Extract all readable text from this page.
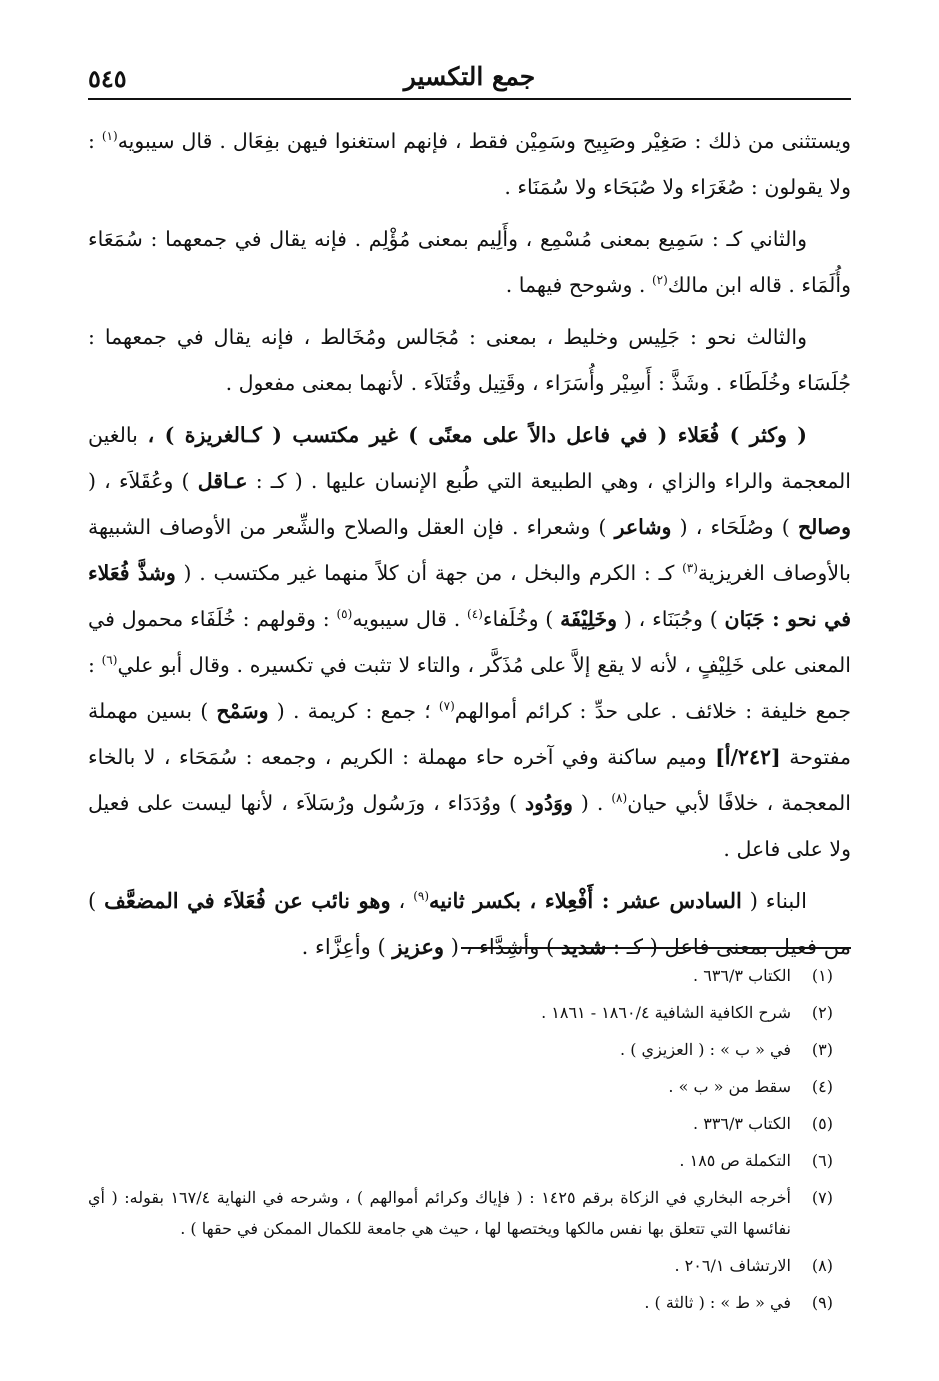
جمع التكسير
٥٤٥

ويستثنى من ذلك : صَغِيْر وصَبِيح وسَمِيْن فقط ، فإنهم استغنوا فيهن بفِعَال . قال سيبويه$^{(١)}$ : ولا يقولون : صُغَرَاء ولا صُبَحَاء ولا سُمَنَاء .

والثاني كـ : سَمِيع بمعنى مُسْمِع ، وأَلِيم بمعنى مُؤْلِم . فإنه يقال في جمعهما : سُمَعَاء وأُلَمَاء . قاله ابن مالك$^{(٢)}$ . وشوحح فيهما .

والثالث نحو : جَلِيس وخليط ، بمعنى : مُجَالس ومُخَالط ، فإنه يقال في جمعهما : جُلَسَاء وخُلَطَاء . وشَذَّ : أَسِيْر وأُسَرَاء ، وقَتِيل وقُتَلاَء . لأنهما بمعنى مفعول .

( وكثر ) فُعَلاء ( في فاعل دالاً على معنًى ) غير مكتسب ( كـالغريزة ) ، بالغين المعجمة والراء والزاي ، وهي الطبيعة التي طُبع الإنسان عليها . ( كـ : عـاقل ) وعُقَلاَء ، ( وصالح ) وصُلَحَاء ، ( وشاعر ) وشعراء . فإن العقل والصلاح والشِّعر من الأوصاف الشبيهة بالأوصاف الغريزية$^{(٣)}$ كـ : الكرم والبخل ، من جهة أن كلاً منهما غير مكتسب . ( وشذَّ فُعَلاء في نحو : جَبَان ) وجُبَنَاء ، ( وخَلِيْفَة ) وخُلَفاء$^{(٤)}$ . قال سيبويه$^{(٥)}$ : وقولهم : خُلَفَاء محمول في المعنى على خَلِيْفٍ ، لأنه لا يقع إلاَّ على مُذَكَّر ، والتاء لا تثبت في تكسيره . وقال أبو علي$^{(٦)}$ : جمع خليفة : خلائف . على حدِّ : كرائم أموالهم$^{(٧)}$ ؛ جمع : كريمة . ( وسَمْح ) بسين مهملة مفتوحة [٢٤٢/أ] وميم ساكنة وفي آخره حاء مهملة : الكريم ، وجمعه : سُمَحَاء ، لا بالخاء المعجمة ، خلافًا لأبي حيان$^{(٨)}$ . ( ووَدُود ) ووُدَدَاء ، ورَسُول ورُسَلاَء ، لأنها ليست على فعيل ولا على فاعل .

البناء ( السادس عشر : أَفْعِلاء ، بكسر ثانيه$^{(٩)}$ ، وهو نائب عن فُعَلاَء في المضعَّف ) من فعيل بمعنى فاعل ( كـ : شديد ) وأشِدَّاء ، ( وعزيز ) وأعِزَّاء .

(١)
الكتاب ٦٣٦/٣ .
(٢)
شرح الكافية الشافية ١٨٦٠/٤ - ١٨٦١ .
(٣)
في « ب » : ( العزيزي ) .
(٤)
سقط من « ب » .
(٥)
الكتاب ٣٣٦/٣ .
(٦)
التكملة ص ١٨٥ .
(٧)
أخرجه البخاري في الزكاة برقم ١٤٢٥ : ( فإياك وكرائم أموالهم ) ، وشرحه في النهاية ١٦٧/٤ بقوله: ( أي نفائسها التي تتعلق بها نفس مالكها ويختصها لها ، حيث هي جامعة للكمال الممكن في حقها ) .
(٨)
الارتشاف ٢٠٦/١ .
(٩)
في « ط » : ( ثالثة ) .
